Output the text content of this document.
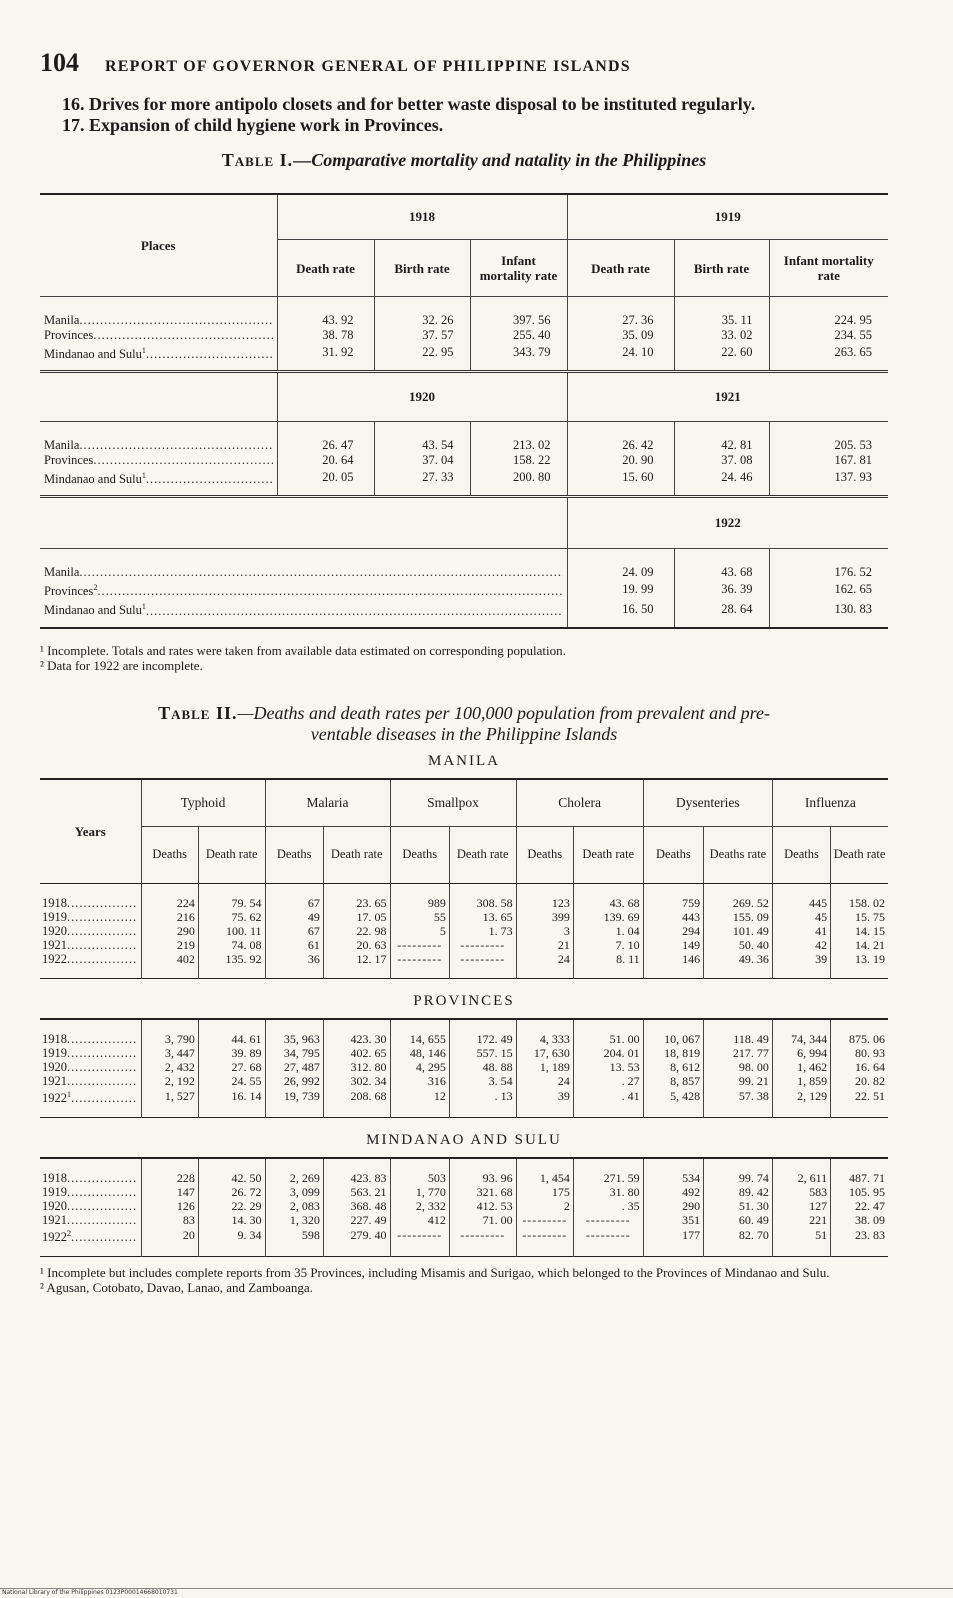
104 REPORT OF GOVERNOR GENERAL OF PHILIPPINE ISLANDS

16. Drives for more antipolo closets and for better waste disposal to be instituted regularly.

17. Expansion of child hygiene work in Provinces.

Table I.—Comparative mortality and natality in the Philippines
Places	1918			1919		
	Death rate	Birth rate	Infant mortality rate	Death rate	Birth rate	Infant mortality rate

Manila .....	43. 92	32. 26	397. 56	27. 36	35. 11	224. 95

Provinces .....	38. 78	37. 57	255. 40	35. 09	33. 02	234. 55

Mindanao and Sulu$^1$ .....	31. 92	22. 95	343. 79	24. 10	22. 60	263. 65
	1920			1921		

Manila .....	26. 47	43. 54	213. 02	26. 42	42. 81	205. 53

Provinces .....	20. 64	37. 04	158. 22	20. 90	37. 08	167. 81

Mindanao and Sulu$^1$ .....	20. 05	27. 33	200. 80	15. 60	24. 46	137. 93
				1922		

Manila .....				24. 09	43. 68	176. 52

Provinces$^2$ .....				19. 99	36. 39	162. 65

Mindanao and Sulu$^1$ .....				16. 50	28. 64	130. 83

¹ Incomplete. Totals and rates were taken from available data estimated on corresponding population.

² Data for 1922 are incomplete.

Table II.—Deaths and death rates per 100,000 population from prevalent and pre-
ventable diseases in the Philippine Islands
MANILA
Years	Typhoid		Malaria		Smallpox		Cholera		Dysenteries		Influenza	
	Deaths	Death rate	Deaths	Death rate	Deaths	Death rate	Deaths	Death rate	Deaths	Deaths rate	Deaths	Death rate

1918 .....	224	79. 54	67	23. 65	989	308. 58	123	43. 68	759	269. 52	445	158. 02

1919 .....	216	75. 62	49	17. 05	55	13. 65	399	139. 69	443	155. 09	45	15. 75

1920 .....	290	100. 11	67	22. 98	5	1. 73	3	1. 04	294	101. 49	41	14. 15

1921 .....	219	74. 08	61	20. 63	---------	---------	21	7. 10	149	50. 40	42	14. 21

1922 .....	402	135. 92	36	12. 17	---------	---------	24	8. 11	146	49. 36	39	13. 19
PROVINCES
1918 .....	3, 790	44. 61	35, 963	423. 30	14, 655	172. 49	4, 333	51. 00	10, 067	118. 49	74, 344	875. 06

1919 .....	3, 447	39. 89	34, 795	402. 65	48, 146	557. 15	17, 630	204. 01	18, 819	217. 77	6, 994	80. 93

1920 .....	2, 432	27. 68	27, 487	312. 80	4, 295	48. 88	1, 189	13. 53	8, 612	98. 00	1, 462	16. 64

1921 .....	2, 192	24. 55	26, 992	302. 34	316	3. 54	24	. 27	8, 857	99. 21	1, 859	20. 82

1922$^1$ .....	1, 527	16. 14	19, 739	208. 68	12	. 13	39	. 41	5, 428	57. 38	2, 129	22. 51
MINDANAO AND SULU
1918 .....	228	42. 50	2, 269	423. 83	503	93. 96	1, 454	271. 59	534	99. 74	2, 611	487. 71

1919 .....	147	26. 72	3, 099	563. 21	1, 770	321. 68	175	31. 80	492	89. 42	583	105. 95

1920 .....	126	22. 29	2, 083	368. 48	2, 332	412. 53	2	. 35	290	51. 30	127	22. 47

1921 .....	83	14. 30	1, 320	227. 49	412	71. 00	---------	---------	351	60. 49	221	38. 09

1922$^2$ .....	20	9. 34	598	279. 40	---------	---------	---------	---------	177	82. 70	51	23. 83

¹ Incomplete but includes complete reports from 35 Provinces, including Misamis and Surigao, which belonged to the Provinces of Mindanao and Sulu.

² Agusan, Cotobato, Davao, Lanao, and Zamboanga.

National Library of the Philippines 0123P00014668010731
